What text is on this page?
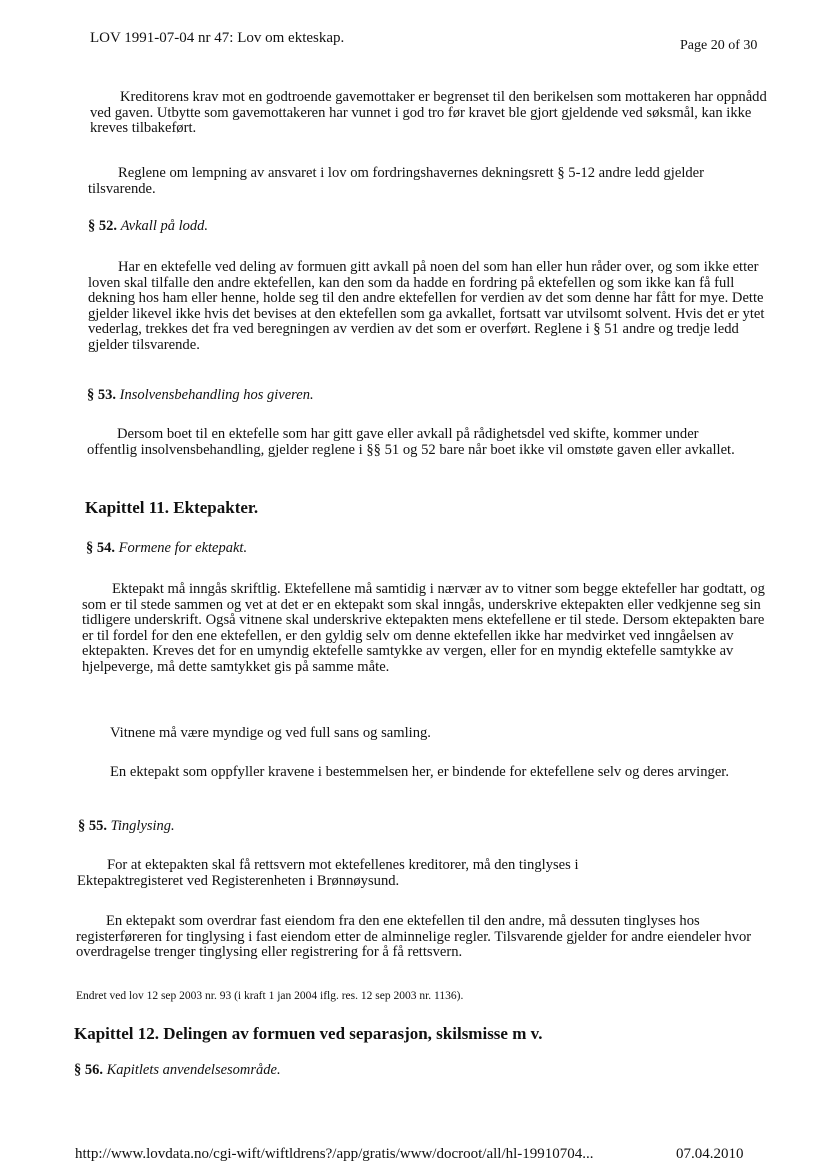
LOV 1991-07-04 nr 47: Lov om ekteskap.	Page 20 of 30

Kreditorens krav mot en godtroende gavemottaker er begrenset til den berikelsen som mottakeren har oppnådd ved gaven. Utbytte som gavemottakeren har vunnet i god tro før kravet ble gjort gjeldende ved søksmål, kan ikke kreves tilbakeført.

Reglene om lempning av ansvaret i lov om fordringshavernes dekningsrett § 5-12 andre ledd gjelder tilsvarende.

§ 52. Avkall på lodd.

Har en ektefelle ved deling av formuen gitt avkall på noen del som han eller hun råder over, og som ikke etter loven skal tilfalle den andre ektefellen, kan den som da hadde en fordring på ektefellen og som ikke kan få full dekning hos ham eller henne, holde seg til den andre ektefellen for verdien av det som denne har fått for mye. Dette gjelder likevel ikke hvis det bevises at den ektefellen som ga avkallet, fortsatt var utvilsomt solvent. Hvis det er ytet vederlag, trekkes det fra ved beregningen av verdien av det som er overført. Reglene i § 51 andre og tredje ledd gjelder tilsvarende.

§ 53. Insolvensbehandling hos giveren.

Dersom boet til en ektefelle som har gitt gave eller avkall på rådighetsdel ved skifte, kommer under offentlig insolvensbehandling, gjelder reglene i §§ 51 og 52 bare når boet ikke vil omstøte gaven eller avkallet.

Kapittel 11. Ektepakter.
§ 54. Formene for ektepakt.

Ektepakt må inngås skriftlig. Ektefellene må samtidig i nærvær av to vitner som begge ektefeller har godtatt, og som er til stede sammen og vet at det er en ektepakt som skal inngås, underskrive ektepakten eller vedkjenne seg sin tidligere underskrift. Også vitnene skal underskrive ektepakten mens ektefellene er til stede. Dersom ektepakten bare er til fordel for den ene ektefellen, er den gyldig selv om denne ektefellen ikke har medvirket ved inngåelsen av ektepakten. Kreves det for en umyndig ektefelle samtykke av vergen, eller for en myndig ektefelle samtykke av hjelpeverge, må dette samtykket gis på samme måte.

Vitnene må være myndige og ved full sans og samling.

En ektepakt som oppfyller kravene i bestemmelsen her, er bindende for ektefellene selv og deres arvinger.

§ 55. Tinglysing.

For at ektepakten skal få rettsvern mot ektefellenes kreditorer, må den tinglyses i Ektepaktregisteret ved Registerenheten i Brønnøysund.

En ektepakt som overdrar fast eiendom fra den ene ektefellen til den andre, må dessuten tinglyses hos registerføreren for tinglysing i fast eiendom etter de alminnelige regler. Tilsvarende gjelder for andre eiendeler hvor overdragelse trenger tinglysing eller registrering for å få rettsvern.

Endret ved lov 12 sep 2003 nr. 93 (i kraft 1 jan 2004 iflg. res. 12 sep 2003 nr. 1136).
Kapittel 12. Delingen av formuen ved separasjon, skilsmisse m v.
§ 56. Kapitlets anvendelsesområde.
http://www.lovdata.no/cgi-wift/wiftldrens?/app/gratis/www/docroot/all/hl-19910704...	07.04.2010
